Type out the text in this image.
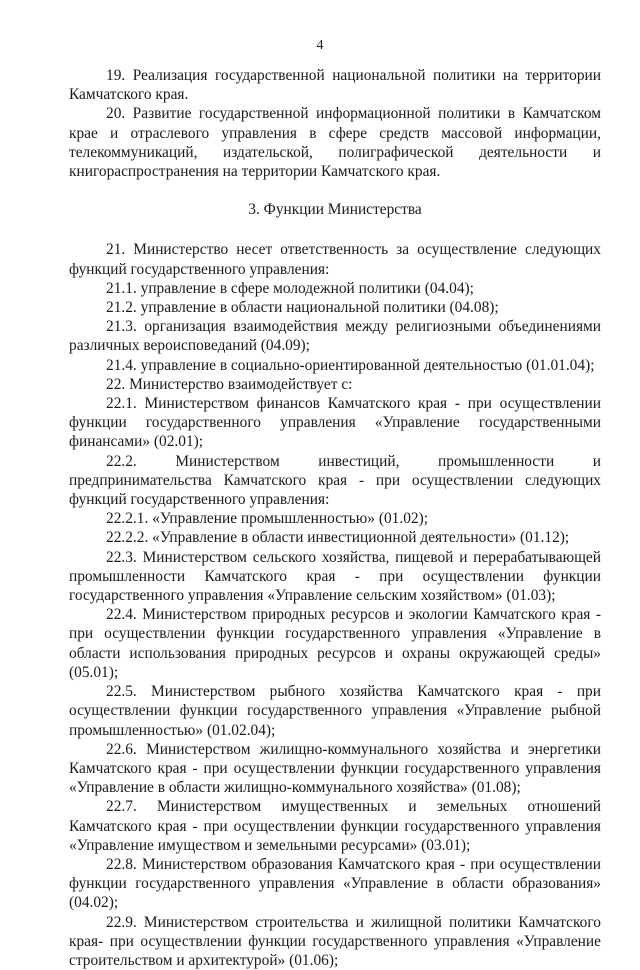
4

19. Реализация государственной национальной политики на территории Камчатского края.

20. Развитие государственной информационной политики в Камчатском крае и отраслевого управления в сфере средств массовой информации, телекоммуникаций, издательской, полиграфической деятельности и книгораспространения на территории Камчатского края.

3. Функции Министерства

21. Министерство несет ответственность за осуществление следующих функций государственного управления:

21.1. управление в сфере молодежной политики (04.04);

21.2. управление в области национальной политики (04.08);

21.3. организация взаимодействия между религиозными объединениями различных вероисповеданий (04.09);

21.4. управление в социально-ориентированной деятельностью (01.01.04);

22. Министерство взаимодействует с:

22.1. Министерством финансов Камчатского края - при осуществлении функции государственного управления «Управление государственными финансами» (02.01);

22.2. Министерством инвестиций, промышленности и предпринимательства Камчатского края - при осуществлении следующих функций государственного управления:

22.2.1. «Управление промышленностью» (01.02);

22.2.2. «Управление в области инвестиционной деятельности» (01.12);

22.3. Министерством сельского хозяйства, пищевой и перерабатывающей промышленности Камчатского края - при осуществлении функции государственного управления «Управление сельским хозяйством» (01.03);

22.4. Министерством природных ресурсов и экологии Камчатского края - при осуществлении функции государственного управления «Управление в области использования природных ресурсов и охраны окружающей среды» (05.01);

22.5. Министерством рыбного хозяйства Камчатского края - при осуществлении функции государственного управления «Управление рыбной промышленностью» (01.02.04);

22.6. Министерством жилищно-коммунального хозяйства и энергетики Камчатского края - при осуществлении функции государственного управления «Управление в области жилищно-коммунального хозяйства» (01.08);

22.7. Министерством имущественных и земельных отношений Камчатского края - при осуществлении функции государственного управления «Управление имуществом и земельными ресурсами» (03.01);

22.8. Министерством образования Камчатского края - при осуществлении функции государственного управления «Управление в области образования» (04.02);

22.9. Министерством строительства и жилищной политики Камчатского края- при осуществлении функции государственного управления «Управление строительством и архитектурой» (01.06);
